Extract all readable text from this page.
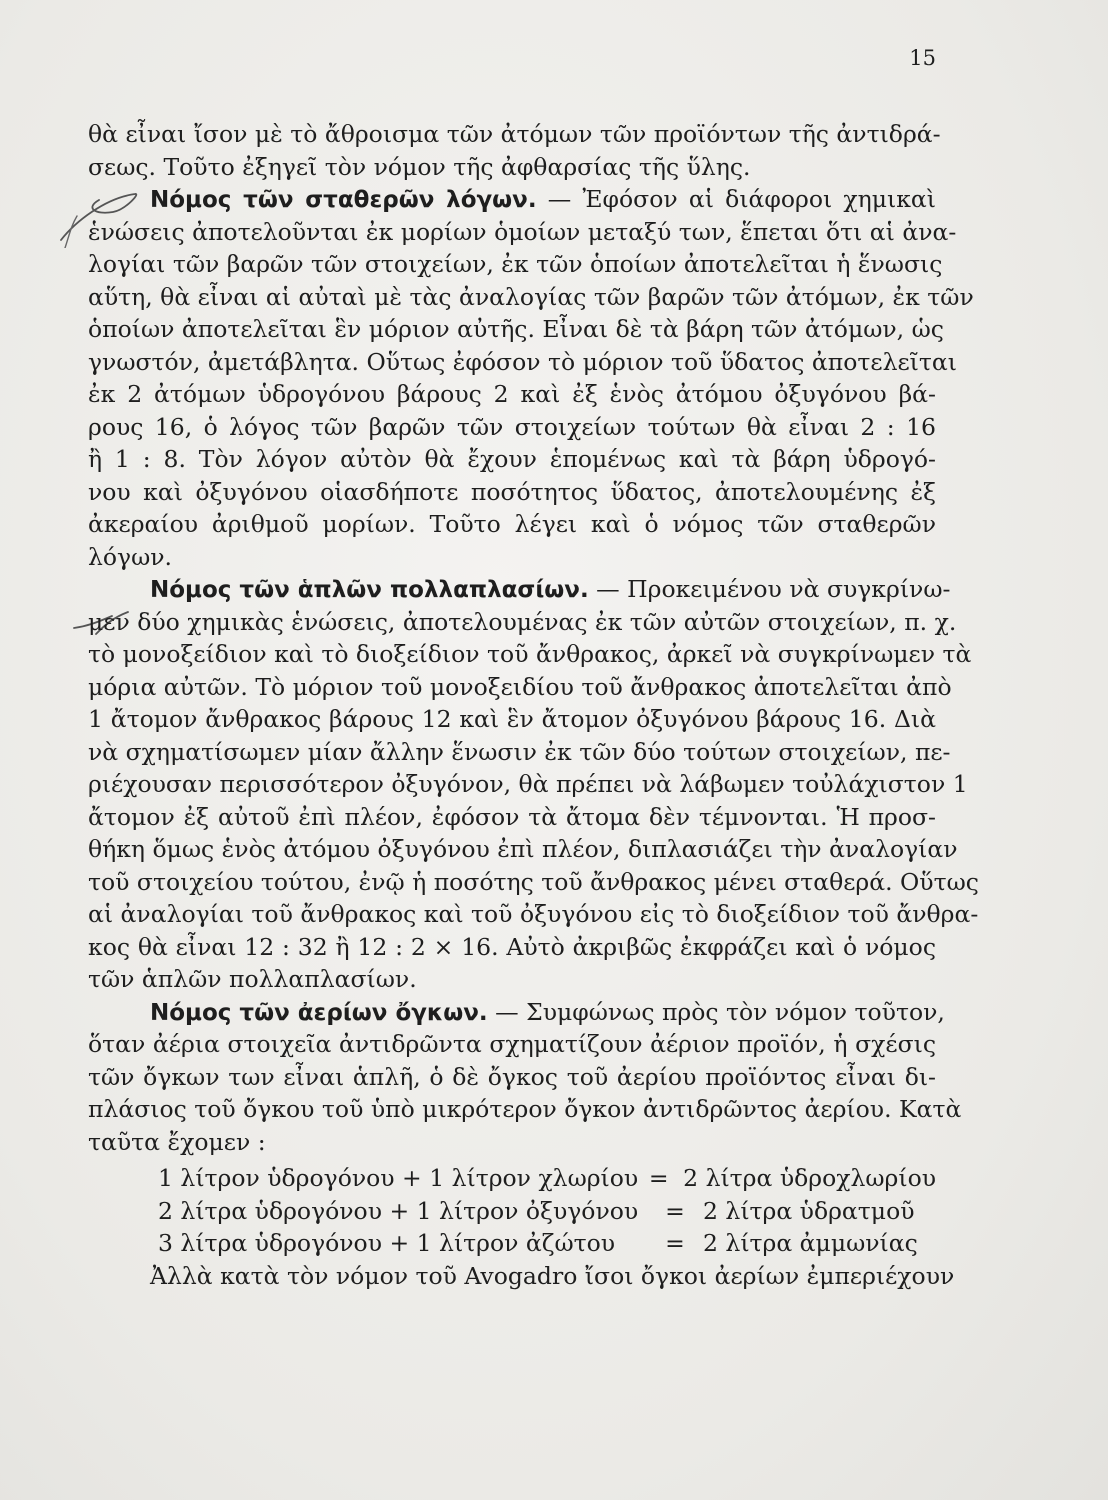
15
θὰ εἶναι ἴσον μὲ τὸ ἄθροισμα τῶν ἀτόμων τῶν προϊόντων τῆς ἀντιδρά-
σεως. Τοῦτο ἐξηγεῖ τὸν νόμον τῆς ἀφθαρσίας τῆς ὕλης.
Νόμος τῶν σταθερῶν λόγων. — Ἐφόσον αἱ διάφοροι χημικαὶ
ἑνώσεις ἀποτελοῦνται ἐκ μορίων ὁμοίων μεταξύ των, ἕπεται ὅτι αἱ ἀνα-
λογίαι τῶν βαρῶν τῶν στοιχείων, ἐκ τῶν ὁποίων ἀποτελεῖται ἡ ἕνωσις
αὕτη, θὰ εἶναι αἱ αὐταὶ μὲ τὰς ἀναλογίας τῶν βαρῶν τῶν ἀτόμων, ἐκ τῶν
ὁποίων ἀποτελεῖται ἓν μόριον αὐτῆς. Εἶναι δὲ τὰ βάρη τῶν ἀτόμων, ὡς
γνωστόν, ἀμετάβλητα. Οὕτως ἐφόσον τὸ μόριον τοῦ ὕδατος ἀποτελεῖται
ἐκ 2 ἀτόμων ὑδρογόνου βάρους 2 καὶ ἐξ ἑνὸς ἀτόμου ὀξυγόνου βά-
ρους 16, ὁ λόγος τῶν βαρῶν τῶν στοιχείων τούτων θὰ εἶναι 2 : 16
ἢ 1 : 8. Τὸν λόγον αὐτὸν θὰ ἔχουν ἑπομένως καὶ τὰ βάρη ὑδρογό-
νου καὶ ὀξυγόνου οἱασδήποτε ποσότητος ὕδατος, ἀποτελουμένης ἐξ
ἀκεραίου ἀριθμοῦ μορίων. Τοῦτο λέγει καὶ ὁ νόμος τῶν σταθερῶν
λόγων.
Νόμος τῶν ἁπλῶν πολλαπλασίων. — Προκειμένου νὰ συγκρίνω-
μεν δύο χημικὰς ἑνώσεις, ἀποτελουμένας ἐκ τῶν αὐτῶν στοιχείων, π. χ.
τὸ μονοξείδιον καὶ τὸ διοξείδιον τοῦ ἄνθρακος, ἀρκεῖ νὰ συγκρίνωμεν τὰ
μόρια αὐτῶν. Τὸ μόριον τοῦ μονοξειδίου τοῦ ἄνθρακος ἀποτελεῖται ἀπὸ
1 ἄτομον ἄνθρακος βάρους 12 καὶ ἓν ἄτομον ὀξυγόνου βάρους 16. Διὰ
νὰ σχηματίσωμεν μίαν ἄλλην ἕνωσιν ἐκ τῶν δύο τούτων στοιχείων, πε-
ριέχουσαν περισσότερον ὀξυγόνον, θὰ πρέπει νὰ λάβωμεν τοὐλάχιστον 1
ἄτομον ἐξ αὐτοῦ ἐπὶ πλέον, ἐφόσον τὰ ἄτομα δὲν τέμνονται. Ἡ προσ-
θήκη ὅμως ἑνὸς ἀτόμου ὀξυγόνου ἐπὶ πλέον, διπλασιάζει τὴν ἀναλογίαν
τοῦ στοιχείου τούτου, ἐνῷ ἡ ποσότης τοῦ ἄνθρακος μένει σταθερά. Οὕτως
αἱ ἀναλογίαι τοῦ ἄνθρακος καὶ τοῦ ὀξυγόνου εἰς τὸ διοξείδιον τοῦ ἄνθρα-
κος θὰ εἶναι 12 : 32 ἢ 12 : 2 × 16. Αὐτὸ ἀκριβῶς ἐκφράζει καὶ ὁ νόμος
τῶν ἁπλῶν πολλαπλασίων.
Νόμος τῶν ἀερίων ὄγκων. — Συμφώνως πρὸς τὸν νόμον τοῦτον,
ὅταν ἀέρια στοιχεῖα ἀντιδρῶντα σχηματίζουν ἀέριον προϊόν, ἡ σχέσις
τῶν ὄγκων των εἶναι ἁπλῆ, ὁ δὲ ὄγκος τοῦ ἀερίου προϊόντος εἶναι δι-
πλάσιος τοῦ ὄγκου τοῦ ὑπὸ μικρότερον ὄγκον ἀντιδρῶντος ἀερίου. Κατὰ
ταῦτα ἔχομεν :
1 λίτρον ὑδρογόνου + 1 λίτρον χλωρίου = 2 λίτρα ὑδροχλωρίου
2 λίτρα ὑδρογόνου + 1 λίτρον ὀξυγόνου	= 2 λίτρα ὑδρατμοῦ
3 λίτρα ὑδρογόνου + 1 λίτρον ἀζώτου	= 2 λίτρα ἀμμωνίας
Ἀλλὰ κατὰ τὸν νόμον τοῦ Avogadro ἴσοι ὄγκοι ἀερίων ἐμπεριέχουν
